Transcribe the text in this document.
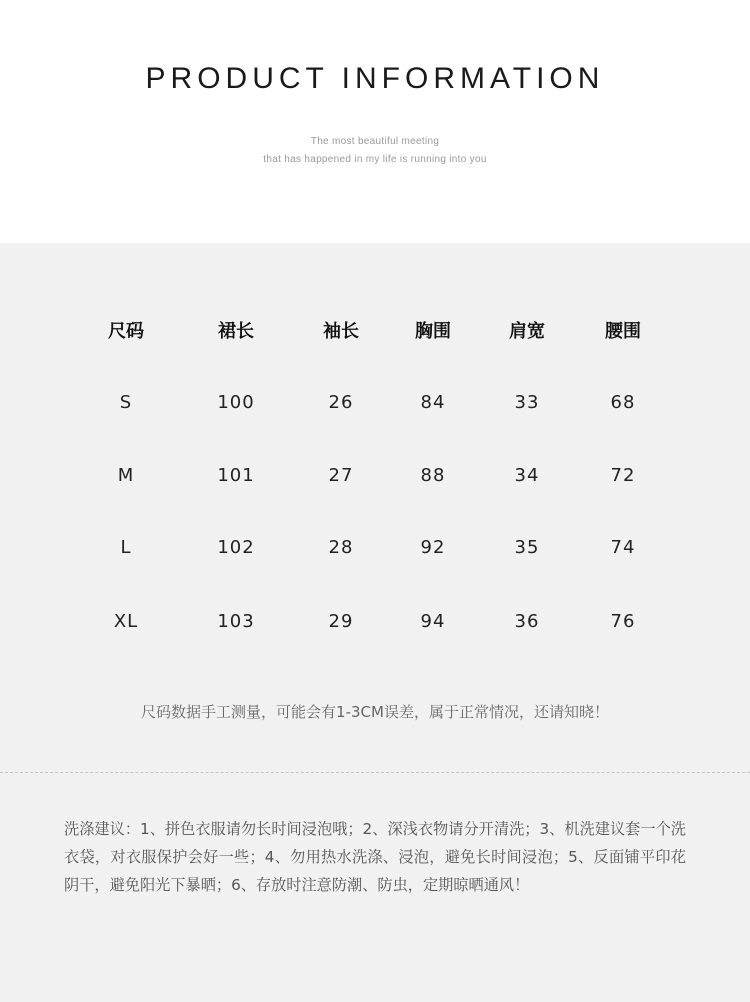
PRODUCT INFORMATION
The most beautiful meeting
that has happened in my life is running into you
尺码	裙长	袖长	胸围	肩宽	腰围
S	100	26	84	33	68
M	101	27	88	34	72
L	102	28	92	35	74
XL	103	29	94	36	76
尺码数据手工测量，可能会有1-3CM误差，属于正常情况，还请知晓！
洗涤建议：1、拼色衣服请勿长时间浸泡哦；2、深浅衣物请分开清洗；3、机洗建议套一个洗衣袋，对衣服保护会好一些；4、勿用热水洗涤、浸泡，避免长时间浸泡；5、反面铺平印花阴干，避免阳光下暴晒；6、存放时注意防潮、防虫，定期晾晒通风！
